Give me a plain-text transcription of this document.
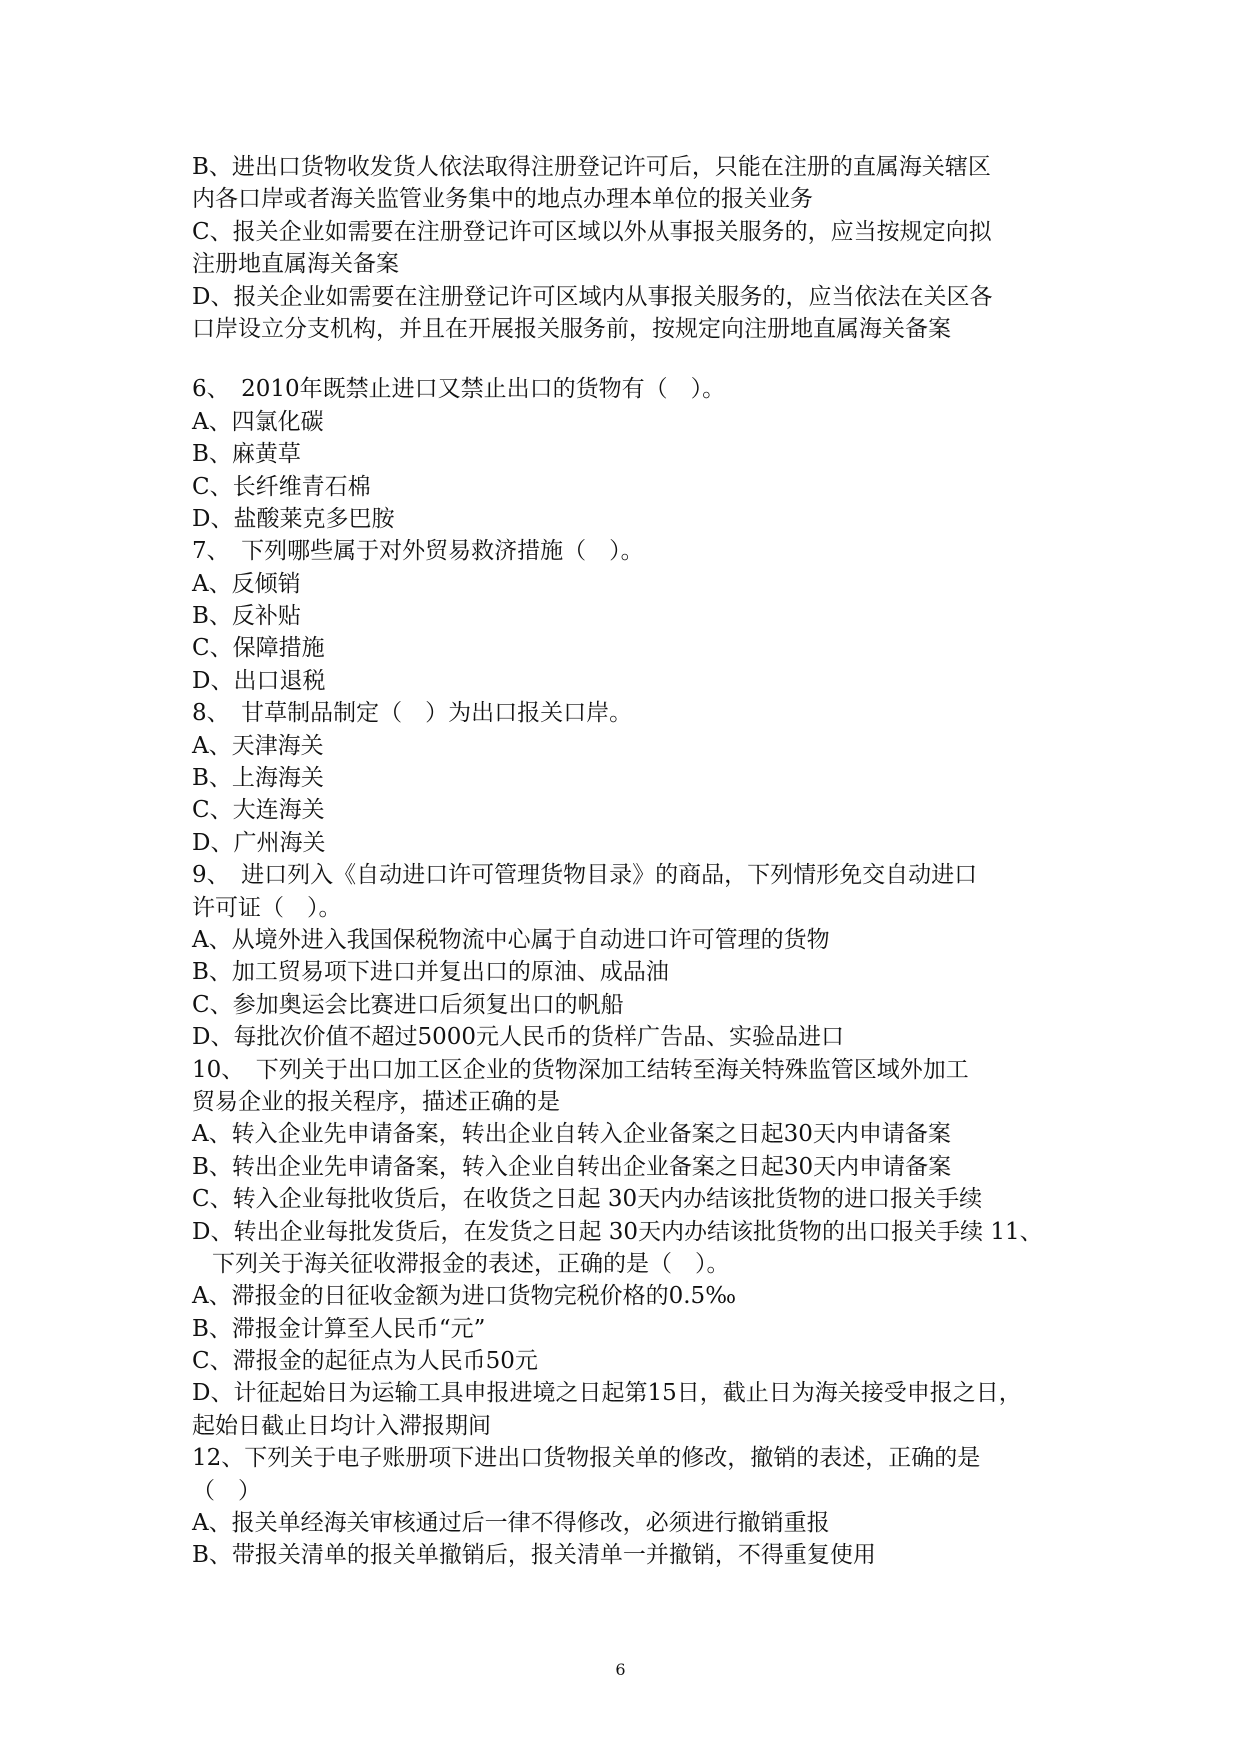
B、进出口货物收发货人依法取得注册登记许可后，只能在注册的直属海关辖区
内各口岸或者海关监管业务集中的地点办理本单位的报关业务
C、报关企业如需要在注册登记许可区域以外从事报关服务的，应当按规定向拟
注册地直属海关备案
D、报关企业如需要在注册登记许可区域内从事报关服务的，应当依法在关区各
口岸设立分支机构，并且在开展报关服务前，按规定向注册地直属海关备案
6、　2010年既禁止进口又禁止出口的货物有（　）。
A、四氯化碳
B、麻黄草
C、长纤维青石棉
D、盐酸莱克多巴胺
7、　下列哪些属于对外贸易救济措施（　）。
A、反倾销
B、反补贴
C、保障措施
D、出口退税
8、　甘草制品制定（　）为出口报关口岸。
A、天津海关
B、上海海关
C、大连海关
D、广州海关
9、　进口列入《自动进口许可管理货物目录》的商品，下列情形免交自动进口
许可证（　）。
A、从境外进入我国保税物流中心属于自动进口许可管理的货物
B、加工贸易项下进口并复出口的原油、成品油
C、参加奥运会比赛进口后须复出口的帆船
D、每批次价值不超过5000元人民币的货样广告品、实验品进口
10、　下列关于出口加工区企业的货物深加工结转至海关特殊监管区域外加工
贸易企业的报关程序，描述正确的是
A、转入企业先申请备案，转出企业自转入企业备案之日起30天内申请备案
B、转出企业先申请备案，转入企业自转出企业备案之日起30天内申请备案
C、转入企业每批收货后，在收货之日起 30天内办结该批货物的进口报关手续
D、转出企业每批发货后，在发货之日起 30天内办结该批货物的出口报关手续 11、
下列关于海关征收滞报金的表述，正确的是（　）。
A、滞报金的日征收金额为进口货物完税价格的0.5‰
B、滞报金计算至人民币“元”
C、滞报金的起征点为人民币50元
D、计征起始日为运输工具申报进境之日起第15日，截止日为海关接受申报之日，
起始日截止日均计入滞报期间
12、下列关于电子账册项下进出口货物报关单的修改，撤销的表述，正确的是
（　）
A、报关单经海关审核通过后一律不得修改，必须进行撤销重报
B、带报关清单的报关单撤销后，报关清单一并撤销，不得重复使用
6
